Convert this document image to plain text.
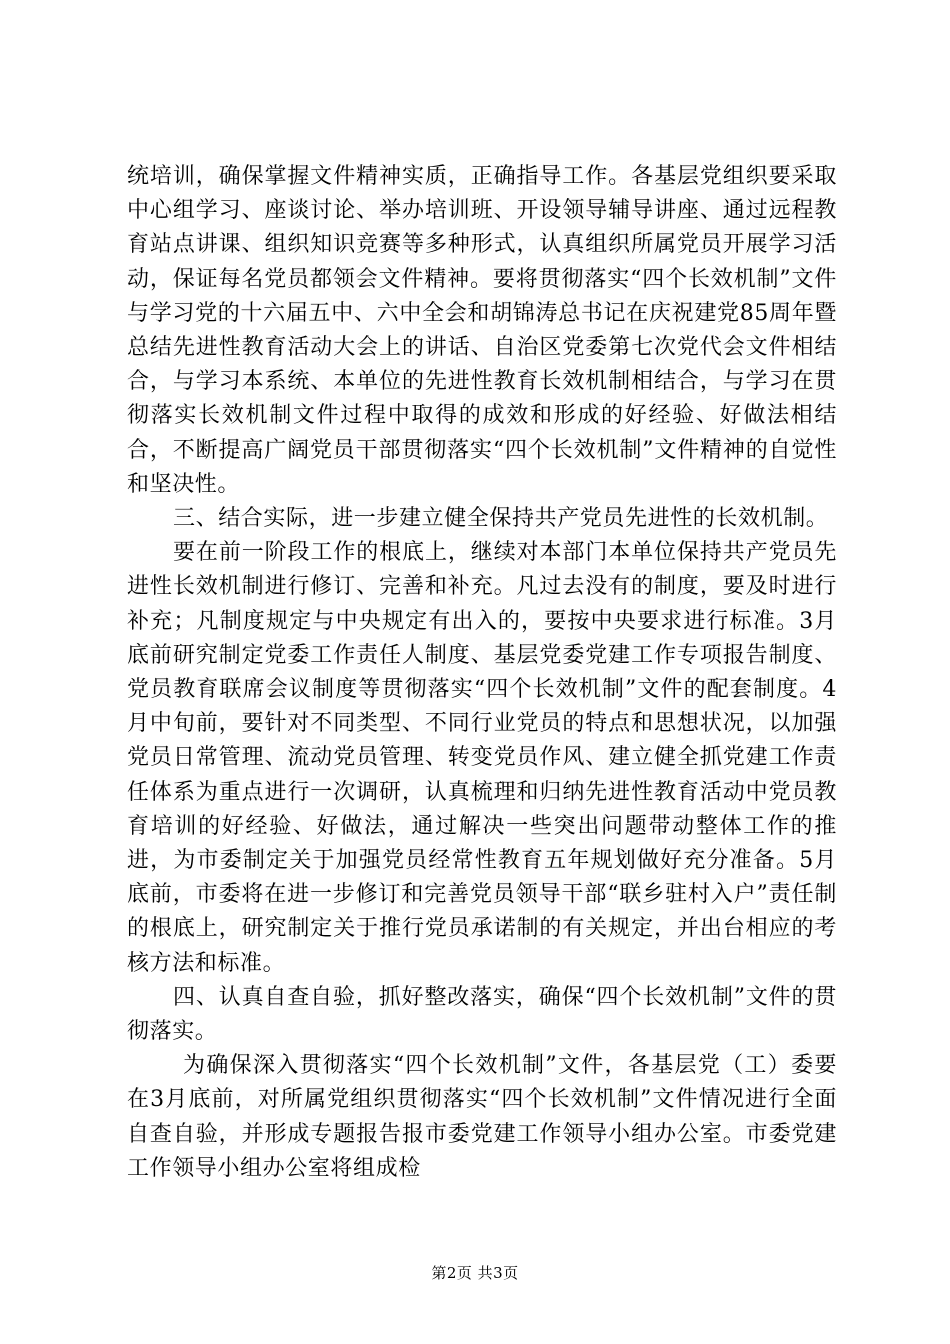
统培训，确保掌握文件精神实质，正确指导工作。各基层党组织要采取中心组学习、座谈讨论、举办培训班、开设领导辅导讲座、通过远程教育站点讲课、组织知识竞赛等多种形式，认真组织所属党员开展学习活动，保证每名党员都领会文件精神。要将贯彻落实“四个长效机制”文件与学习党的十六届五中、六中全会和胡锦涛总书记在庆祝建党85周年暨总结先进性教育活动大会上的讲话、自治区党委第七次党代会文件相结合，与学习本系统、本单位的先进性教育长效机制相结合，与学习在贯彻落实长效机制文件过程中取得的成效和形成的好经验、好做法相结合，不断提高广阔党员干部贯彻落实“四个长效机制”文件精神的自觉性和坚决性。

三、结合实际，进一步建立健全保持共产党员先进性的长效机制。

要在前一阶段工作的根底上，继续对本部门本单位保持共产党员先进性长效机制进行修订、完善和补充。凡过去没有的制度，要及时进行补充；凡制度规定与中央规定有出入的，要按中央要求进行标准。3月底前研究制定党委工作责任人制度、基层党委党建工作专项报告制度、党员教育联席会议制度等贯彻落实“四个长效机制”文件的配套制度。4月中旬前，要针对不同类型、不同行业党员的特点和思想状况，以加强党员日常管理、流动党员管理、转变党员作风、建立健全抓党建工作责任体系为重点进行一次调研，认真梳理和归纳先进性教育活动中党员教育培训的好经验、好做法，通过解决一些突出问题带动整体工作的推进，为市委制定关于加强党员经常性教育五年规划做好充分准备。5月底前，市委将在进一步修订和完善党员领导干部“联乡驻村入户”责任制的根底上，研究制定关于推行党员承诺制的有关规定，并出台相应的考核方法和标准。

四、认真自查自验，抓好整改落实，确保“四个长效机制”文件的贯彻落实。

为确保深入贯彻落实“四个长效机制”文件，各基层党（工）委要在3月底前，对所属党组织贯彻落实“四个长效机制”文件情况进行全面自查自验，并形成专题报告报市委党建工作领导小组办公室。市委党建工作领导小组办公室将组成检

第2页 共3页
